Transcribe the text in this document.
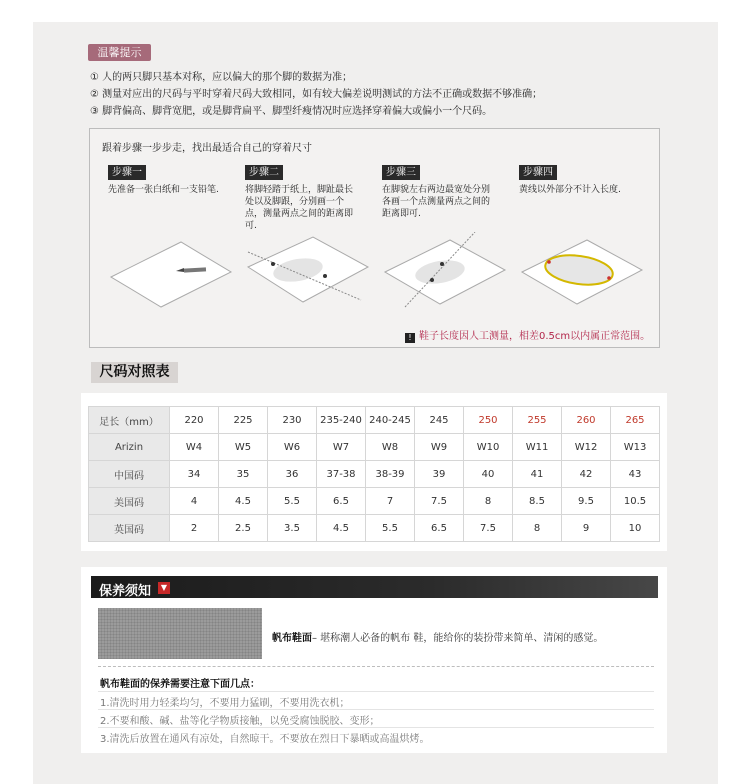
温馨提示
① 人的两只脚只基本对称，应以偏大的那个脚的数据为准；
② 测量对应出的尺码与平时穿着尺码大致相同，如有较大偏差说明测试的方法不正确或数据不够准确；
③ 脚背偏高、脚背宽肥，或是脚背扁平、脚型纤瘦情况时应选择穿着偏大或偏小一个尺码。
跟着步骤一步步走，找出最适合自己的穿着尺寸
步骤一
先准备一张白纸和一支铅笔.
步骤二
将脚轻踏于纸上，脚趾最长处以及脚跟，分别画一个点，测量两点之间的距离即可.
步骤三
在脚貌左右两边最宽处分别各画一个点测量两点之间的距离即可.
步骤四
黄线以外部分不计入长度.
! 鞋子长度因人工测量，相差0.5cm以内属正常范围。
尺码对照表
足长（mm）	220	225	230	235-240	240-245	245	250	255	260	265
Arizin	W4	W5	W6	W7	W8	W9	W10	W11	W12	W13
中国码	34	35	36	37-38	38-39	39	40	41	42	43
美国码	4	4.5	5.5	6.5	7	7.5	8	8.5	9.5	10.5
英国码	2	2.5	3.5	4.5	5.5	6.5	7.5	8	9	10
保养须知	▼
帆布鞋面– 堪称潮人必备的帆布 鞋，能给你的装扮带来简单、清闲的感觉。
帆布鞋面的保养需要注意下面几点：
1.清洗时用力轻柔均匀，不要用力猛刷，不要用洗衣机；
2.不要和酸、碱、盐等化学物质接触，以免受腐蚀脱胶、变形；
3.清洗后放置在通风有凉处，自然晾干。不要放在烈日下暴晒或高温烘烤。
